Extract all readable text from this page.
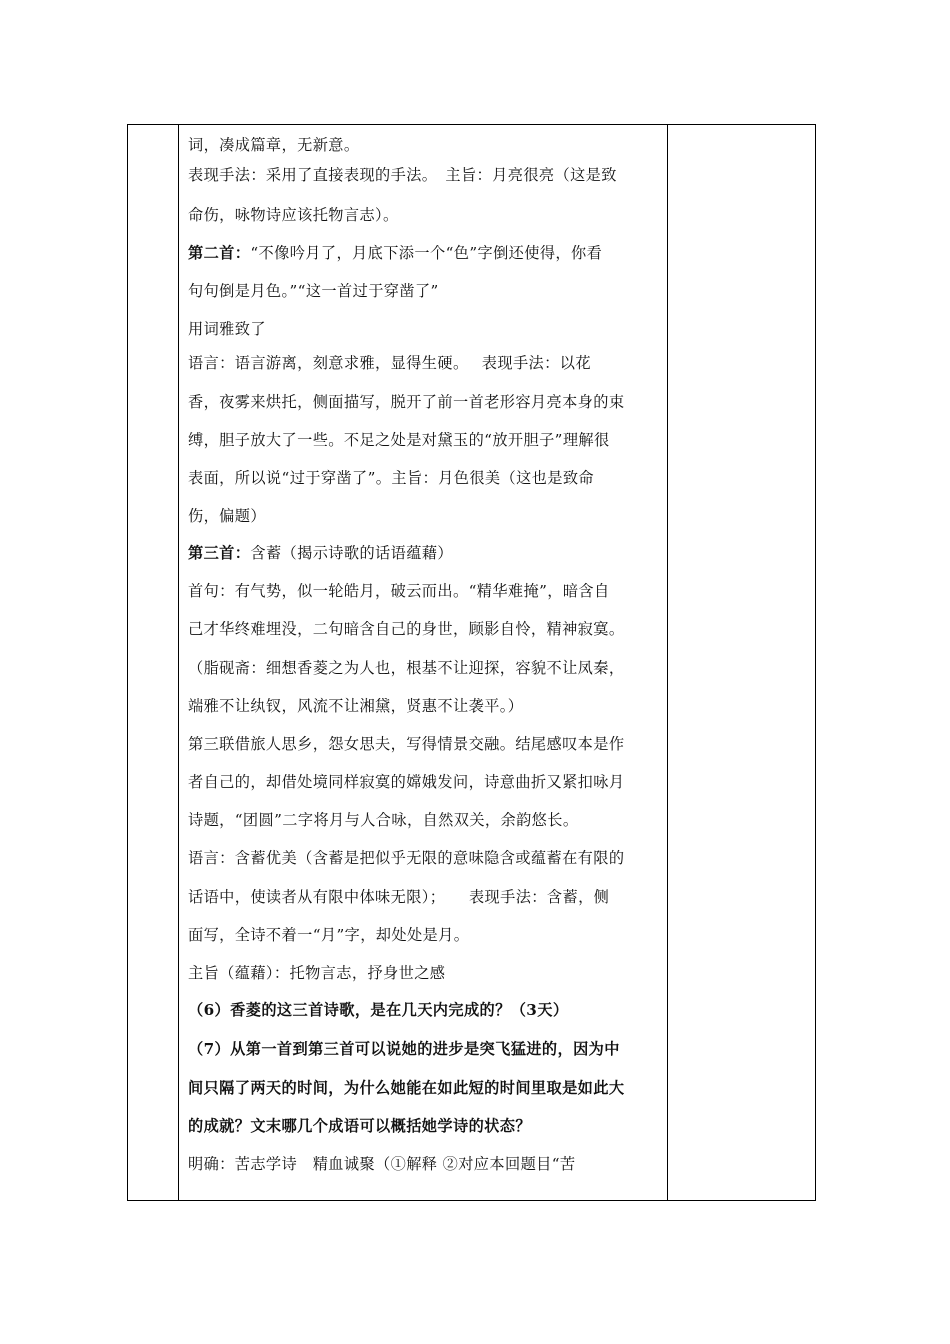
词，凑成篇章，无新意。
表现手法：采用了直接表现的手法。　主旨：月亮很亮（这是致
命伤，咏物诗应该托物言志）。
第二首：“不像吟月了，月底下添一个“色”字倒还使得，你看
句句倒是月色。”“这一首过于穿凿了”
用词雅致了
语言：语言游离，刻意求雅，显得生硬。　 表现手法：以花
香，夜雾来烘托，侧面描写，脱开了前一首老形容月亮本身的束
缚，胆子放大了一些。不足之处是对黛玉的“放开胆子”理解很
表面，所以说“过于穿凿了”。主旨：月色很美（这也是致命
伤，偏题）
第三首：含蓄（揭示诗歌的话语蕴藉）
首句：有气势，似一轮皓月，破云而出。“精华难掩”，暗含自
己才华终难埋没，二句暗含自己的身世，顾影自怜，精神寂寞。
（脂砚斋：细想香菱之为人也，根基不让迎探，容貌不让凤秦，
端雅不让纨钗，风流不让湘黛，贤惠不让袭平。）
第三联借旅人思乡，怨女思夫，写得情景交融。结尾感叹本是作
者自己的，却借处境同样寂寞的嫦娥发问，诗意曲折又紧扣咏月
诗题，“团圆”二字将月与人合咏，自然双关，余韵悠长。
语言：含蓄优美（含蓄是把似乎无限的意味隐含或蕴蓄在有限的
话语中，使读者从有限中体味无限）；　　表现手法：含蓄，侧
面写，全诗不着一“月”字，却处处是月。
主旨（蕴藉）：托物言志，抒身世之感
（6）香菱的这三首诗歌，是在几天内完成的？（3天）
（7）从第一首到第三首可以说她的进步是突飞猛进的，因为中
间只隔了两天的时间，为什么她能在如此短的时间里取是如此大
的成就？文末哪几个成语可以概括她学诗的状态？
明确：苦志学诗　精血诚聚（①解释 ②对应本回题目“苦
